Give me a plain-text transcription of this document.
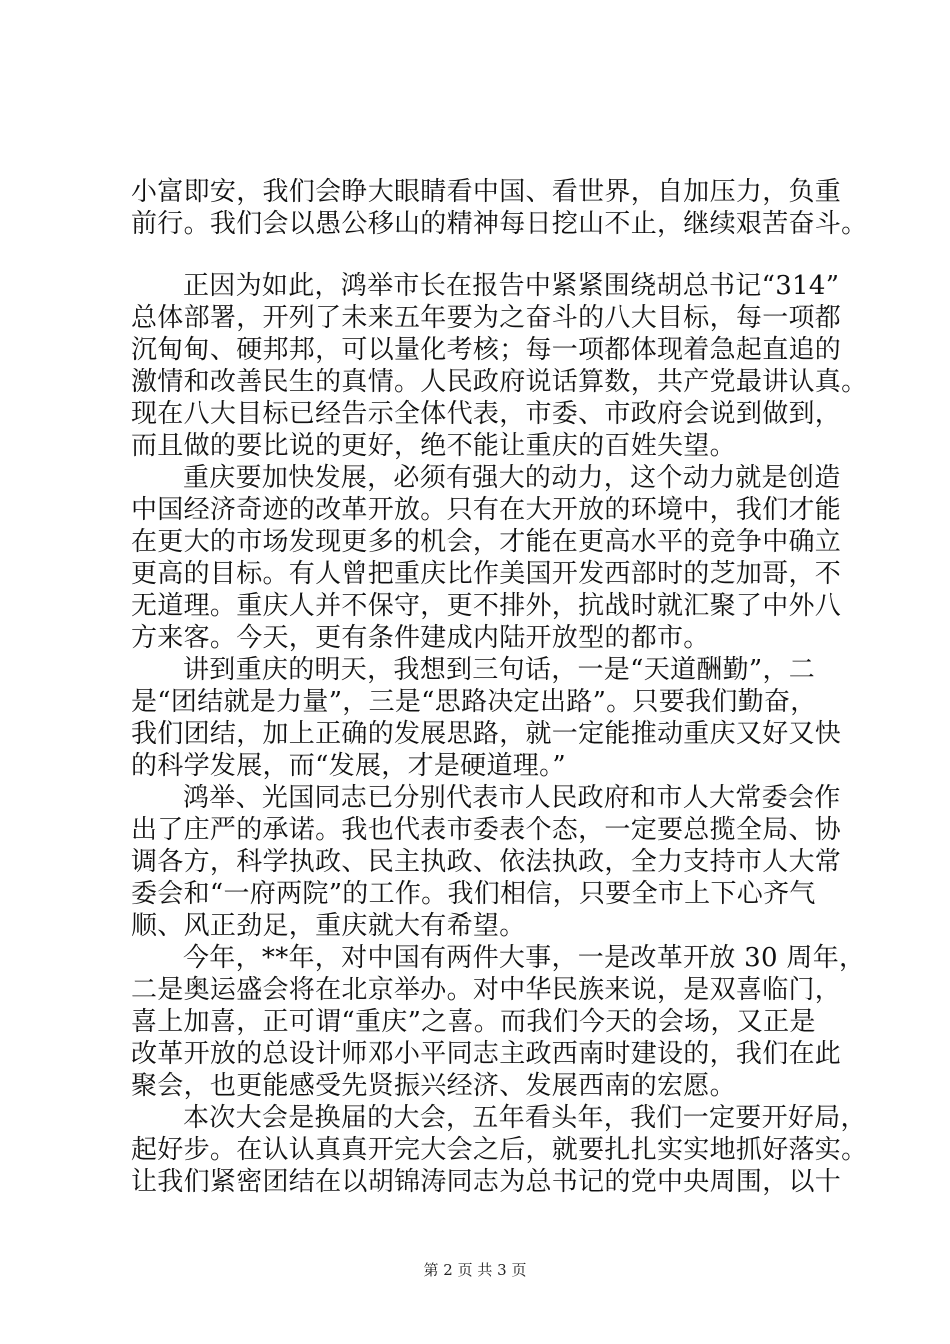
小富即安，我们会睁大眼睛看中国、看世界，自加压力，负重
前行。我们会以愚公移山的精神每日挖山不止，继续艰苦奋斗。
正因为如此，鸿举市长在报告中紧紧围绕胡总书记“314”
总体部署，开列了未来五年要为之奋斗的八大目标，每一项都
沉甸甸、硬邦邦，可以量化考核；每一项都体现着急起直追的
激情和改善民生的真情。人民政府说话算数，共产党最讲认真。
现在八大目标已经告示全体代表，市委、市政府会说到做到，
而且做的要比说的更好，绝不能让重庆的百姓失望。
重庆要加快发展，必须有强大的动力，这个动力就是创造
中国经济奇迹的改革开放。只有在大开放的环境中，我们才能
在更大的市场发现更多的机会，才能在更高水平的竞争中确立
更高的目标。有人曾把重庆比作美国开发西部时的芝加哥，不
无道理。重庆人并不保守，更不排外，抗战时就汇聚了中外八
方来客。今天，更有条件建成内陆开放型的都市。
讲到重庆的明天，我想到三句话，一是“天道酬勤”，二
是“团结就是力量”，三是“思路决定出路”。只要我们勤奋，
我们团结，加上正确的发展思路，就一定能推动重庆又好又快
的科学发展，而“发展，才是硬道理。”
鸿举、光国同志已分别代表市人民政府和市人大常委会作
出了庄严的承诺。我也代表市委表个态，一定要总揽全局、协
调各方，科学执政、民主执政、依法执政，全力支持市人大常
委会和“一府两院”的工作。我们相信，只要全市上下心齐气
顺、风正劲足，重庆就大有希望。
今年，**年，对中国有两件大事，一是改革开放 30 周年，
二是奥运盛会将在北京举办。对中华民族来说，是双喜临门，
喜上加喜，正可谓“重庆”之喜。而我们今天的会场，又正是
改革开放的总设计师邓小平同志主政西南时建设的，我们在此
聚会，也更能感受先贤振兴经济、发展西南的宏愿。
本次大会是换届的大会，五年看头年，我们一定要开好局，
起好步。在认认真真开完大会之后，就要扎扎实实地抓好落实。
让我们紧密团结在以胡锦涛同志为总书记的党中央周围，以十
第 2 页 共 3 页
